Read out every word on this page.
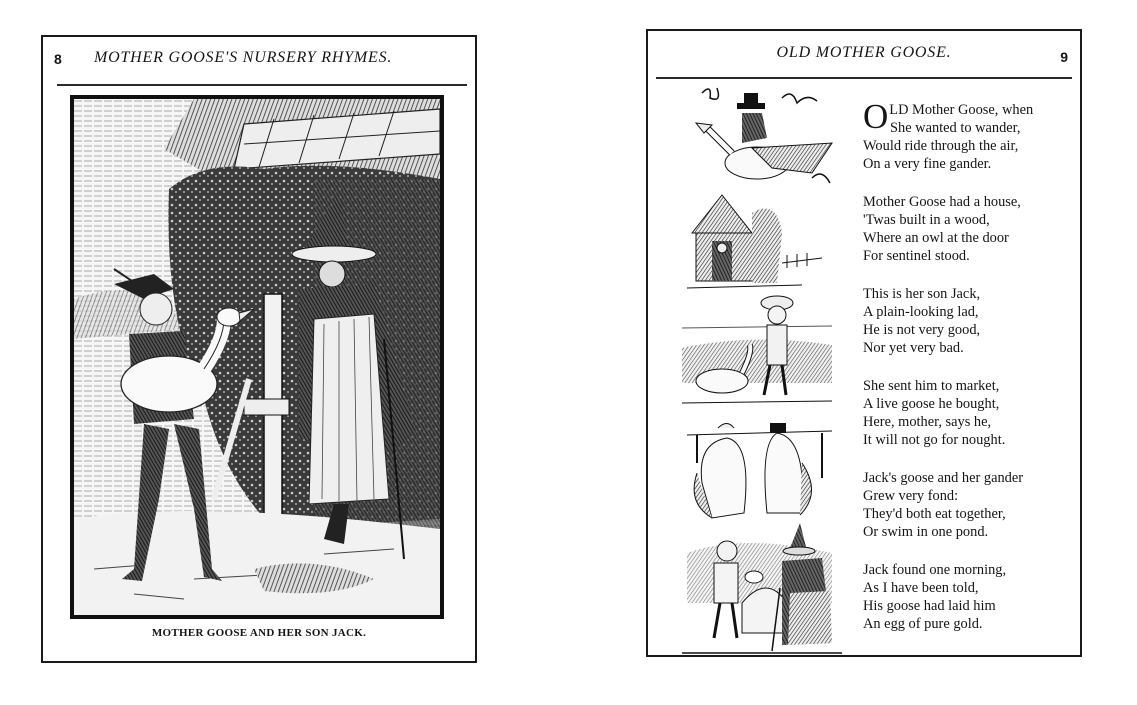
8 MOTHER GOOSE'S NURSERY RHYMES.
MOTHER GOOSE AND HER SON JACK.
OLD MOTHER GOOSE.	9
O LD Mother Goose, when
She wanted to wander,
Would ride through the air,
On a very fine gander.
Mother Goose had a house,
'Twas built in a wood,
Where an owl at the door
For sentinel stood.
This is her son Jack,
A plain-looking lad,
He is not very good,
Nor yet very bad.
She sent him to market,
A live goose he bought,
Here, mother, says he,
It will not go for nought.
Jack's goose and her gander
Grew very fond:
They'd both eat together,
Or swim in one pond.
Jack found one morning,
As I have been told,
His goose had laid him
An egg of pure gold.
